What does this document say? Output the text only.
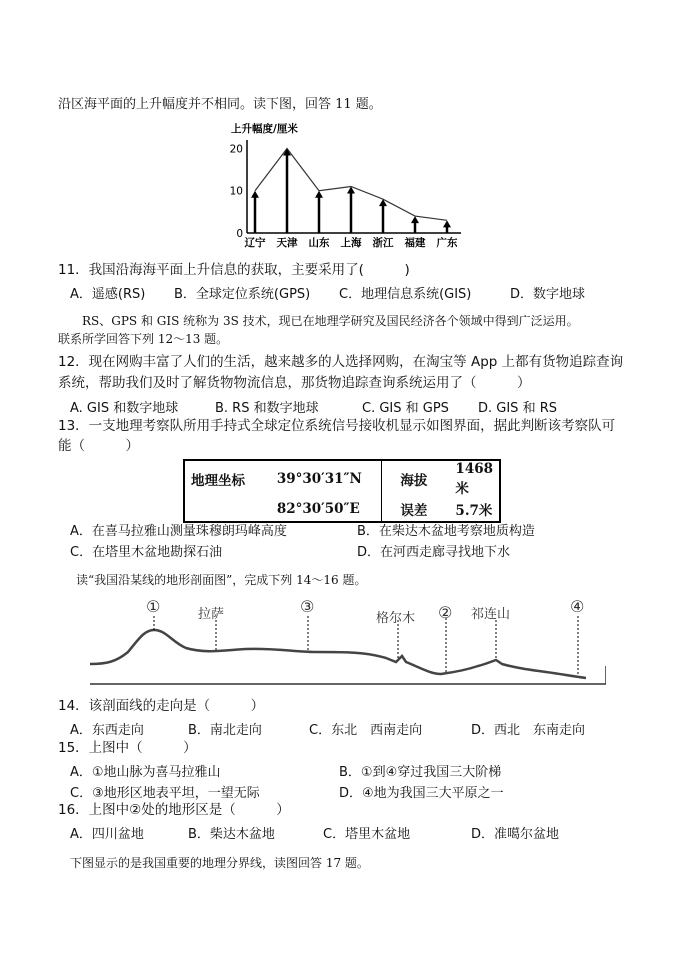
沿区海平面的上升幅度并不相同。读下图，回答 11 题。
上升幅度/厘米
20
10
0
辽宁 天津 山东 上海 浙江 福建 广东
11．我国沿海海平面上升信息的获取，主要采用了(　　　)
A．遥感(RS) B．全球定位系统(GPS) C．地理信息系统(GIS)	D．数字地球
RS、GPS 和 GIS 统称为 3S 技术，现已在地理学研究及国民经济各个领域中得到广泛运用。
联系所学回答下列 12～13 题。
12．现在网购丰富了人们的生活，越来越多的人选择网购，在淘宝等 App 上都有货物追踪查询
系统，帮助我们及时了解货物物流信息，那货物追踪查询系统运用了（　　　）
A. GIS 和数字地球	B. RS 和数字地球	C. GIS 和 GPS D. GIS 和 RS
13．一支地理考察队所用手持式全球定位系统信号接收机显示如图界面，据此判断该考察队可
能（　　　）
地理坐标	39°30′31″N	海拔	1468米
	82°30′50″E	误差	5.7米
A．在喜马拉雅山测量珠穆朗玛峰高度	B．在柴达木盆地考察地质构造
C．在塔里木盆地勘探石油	D．在河西走廊寻找地下水
读“我国沿某线的地形剖面图”，完成下列 14～16 题。
①	拉萨	③
格尔木 ② 祁连山	④
14．该剖面线的走向是（　　　）
A．东西走向	B．南北走向	C．东北　西南走向	D．西北　东南走向
15．上图中（　　　）
A．①地山脉为喜马拉雅山	B．①到④穿过我国三大阶梯
C．③地形区地表平坦，一望无际	D．④地为我国三大平原之一
16．上图中②处的地形区是（　　　）
A．四川盆地	B．柴达木盆地	C．塔里木盆地	D．准噶尔盆地
下图显示的是我国重要的地理分界线，读图回答 17 题。
